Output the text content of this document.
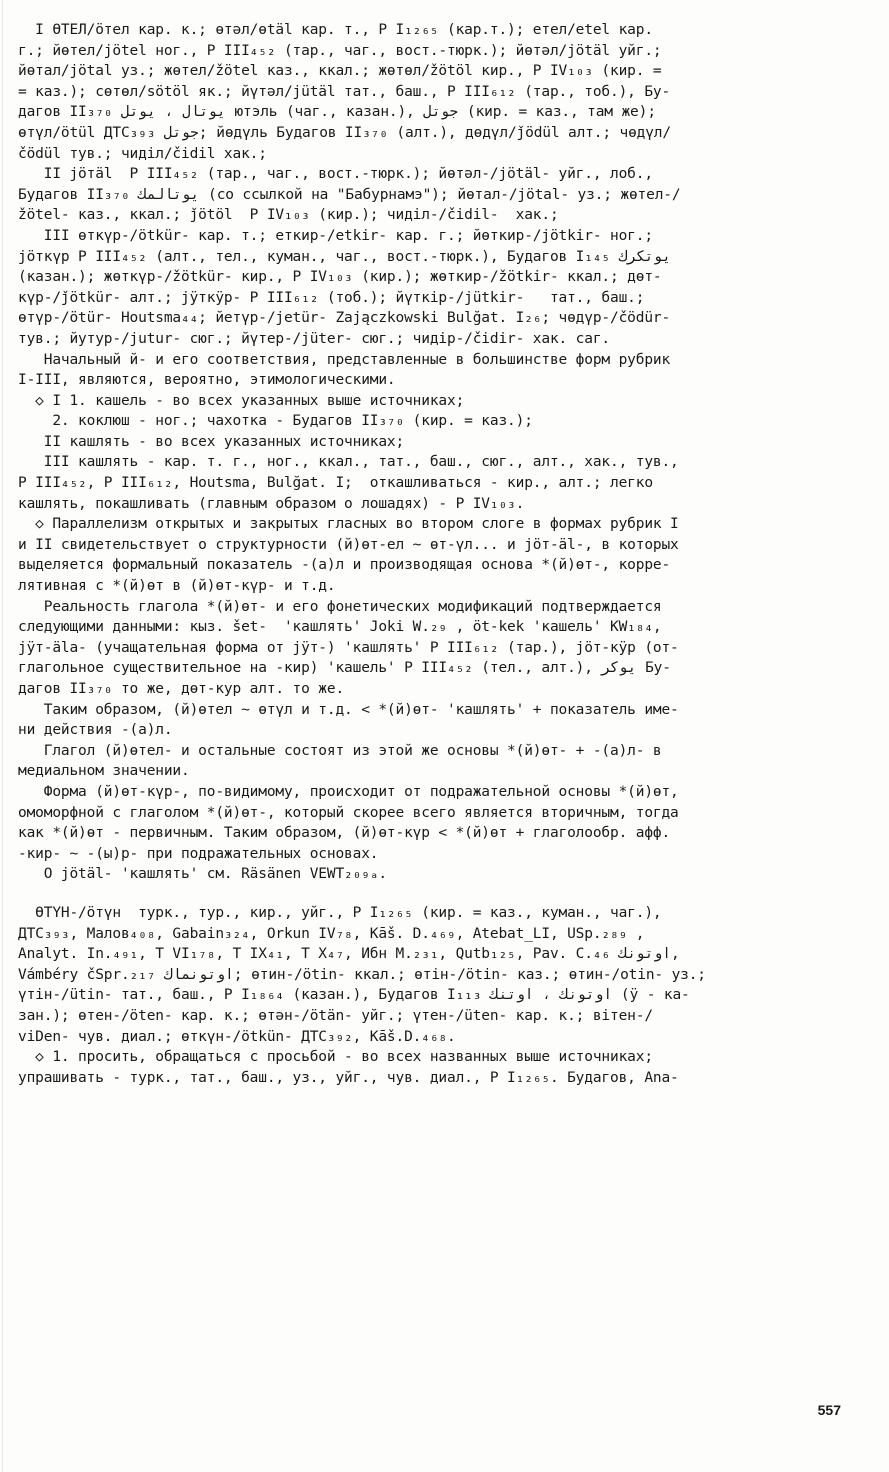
I ӨТЕЛ/ӧтел кар. к.; өтәл/өtäl кар. т., Р I₁₂₆₅ (кар.т.); етел/etel кар.
г.; йөтел/jötel ног., Р III₄₅₂ (тар., чаг., вост.-тюрк.); йөтәл/jötäl уйг.;
йөтал/jötal уз.; жөтел/žötel каз., ккал.; жөтөл/žötöl кир., Р IV₁₀₃ (кир. =
= каз.); сөтөл/sötöl як.; йүтәл/jütäl тат., баш., Р III₆₁₂ (тар., тоб.), Бу-
дагов II₃₇₀ يوتال ، يوتل ютэль (чаг., казан.), جوتل (кир. = каз., там же);
өтүл/ötül ДТС₃₉₃ جوتل; йөдүль Будагов II₃₇₀ (алт.), дөдүл/ǰödül алт.; чөдүл/
čödül тув.; чиділ/čidil хак.;
II jöтäl  Р III₄₅₂ (тар., чаг., вост.-тюрк.); йөтәл-/jötäl- уйг., лоб.,
Будагов II₃₇₀ يوتالمك (со ссылкой на "Бабурнамэ"); йөтал-/jötal- уз.; жөтел-/
žötel- каз., ккал.; ǰötöl  Р IV₁₀₃ (кир.); чиділ-/čidil-  хак.;
III өткүр-/ötkür- кар. т.; еткир-/etkir- кар. г.; йөткир-/jötkir- ног.;
jöткүр Р III₄₅₂ (алт., тел., куман., чаг., вост.-тюрк.), Будагов I₁₄₅ يوتكرك
(казан.); жөткүр-/žötkür- кир., Р IV₁₀₃ (кир.); жөткир-/žötkir- ккал.; дөт-
күр-/ǰötkür- алт.; jÿткÿр- Р III₆₁₂ (тоб.); йүткір-/jütkir-   тат., баш.;
өтүр-/ötür- Houtsma₄₄; йетүр-/jetür- Zajączkowski Bulğat. I₂₆; чөдүр-/čödür-
тув.; йутур-/jutur- сюг.; йүтер-/jüter- сюг.; чидір-/čidir- хак. саг.
Начальный й- и его соответствия, представленные в большинстве форм рубрик
I-III, являются, вероятно, этимологическими.
◇ I 1. кашель - во всех указанных выше источниках;
2. коклюш - ног.; чахотка - Будагов II₃₇₀ (кир. = каз.);
II кашлять - во всех указанных источниках;
III кашлять - кар. т. г., ног., ккал., тат., баш., сюг., алт., хак., тув.,
Р III₄₅₂, Р III₆₁₂, Houtsma, Bulğat. I;  откашливаться - кир., алт.; легко
кашлять, покашливать (главным образом о лошадях) - Р IV₁₀₃.
◇ Параллелизм открытых и закрытых гласных во втором слоге в формах рубрик I
и II свидетельствует о структурности (й)өт-ел ~ өт-үл... и jöт-äl-, в которых
выделяется формальный показатель -(а)л и производящая основа *(й)өт-, корре-
лятивная с *(й)өт в (й)өт-күр- и т.д.
Реальность глагола *(й)өт- и его фонетических модификаций подтверждается
следующими данными: кыз. šet-  'кашлять' Joki W.₂₉ , öt-kek 'кашель' KW₁₈₄,
jÿт-äla- (учащательная форма от jÿт-) 'кашлять' Р III₆₁₂ (тар.), jöт-кÿр (от-
глагольное существительное на -кир) 'кашель' Р III₄₅₂ (тел., алт.), يوكر Бу-
дагов II₃₇₀ то же, дөт-кур алт. то же.
Таким образом, (й)өтел ~ өтүл и т.д. < *(й)өт- 'кашлять' + показатель име-
ни действия -(а)л.
Глагол (й)өтел- и остальные состоят из этой же основы *(й)өт- + -(а)л- в
медиальном значении.
Форма (й)өт-күр-, по-видимому, происходит от подражательной основы *(й)өт,
омоморфной с глаголом *(й)өт-, который скорее всего является вторичным, тогда
как *(й)өт - первичным. Таким образом, (й)өт-күр < *(й)өт + глаголообр. афф.
-кир- ~ -(ы)р- при подражательных основах.
О jötäl- 'кашлять' см. Räsänen VEWT₂₀₉ₐ.
ӨТҮН-/ӧтүн  турк., тур., кир., уйг., Р I₁₂₆₅ (кир. = каз., куман., чаг.),
ДТС₃₉₃, Малов₄₀₈, Gabain₃₂₄, Orkun IV₇₈, Kāš. D.₄₆₉, Atebat_LI, USp.₂₈₉ ,
Analyt. In.₄₉₁, Т VI₁₇₈, Т IX₄₁, Т X₄₇, Ибн М.₂₃₁, Qutb₁₂₅, Pav. C.₄₆ اوتونك,
Vámbéry čSpr.₂₁₇ اوتونماك; өтин-/ötin- ккал.; өтін-/ötin- каз.; өтин-/otin- уз.;
үтін-/ütin- тат., баш., Р I₁₈₆₄ (казан.), Будагов I₁₁₃ اوتونك ، اوتنك (ÿ - ка-
зан.); өтен-/öten- кар. к.; өтән-/ötän- уйг.; үтен-/üten- кар. к.; вітен-/
viDen- чув. диал.; өткүн-/ötkün- ДТС₃₉₂, Kāš.D.₄₆₈.
◇ 1. просить, обращаться с просьбой - во всех названных выше источниках;
упрашивать - турк., тат., баш., уз., уйг., чув. диал., Р I₁₂₆₅. Будагов, Ana-
557
